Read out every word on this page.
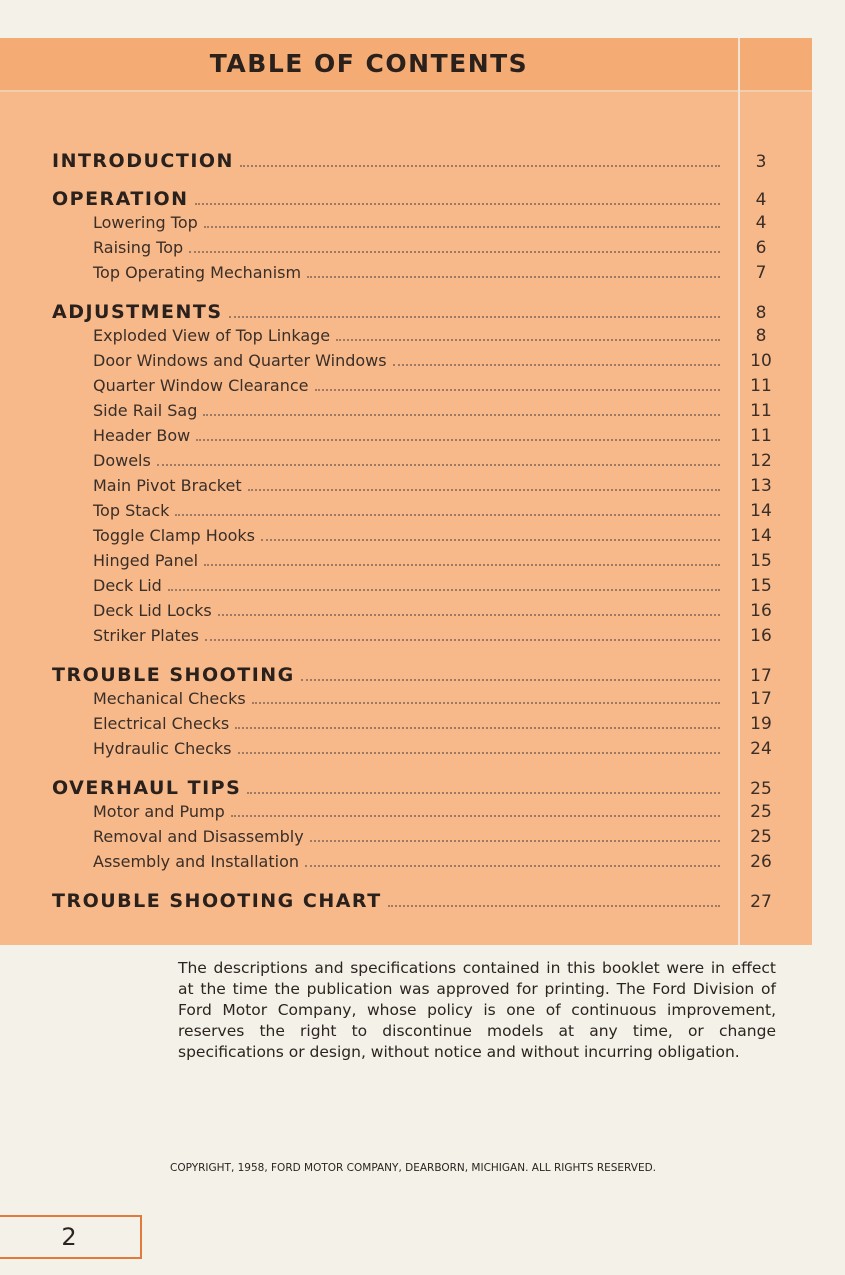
TABLE OF CONTENTS
INTRODUCTION	3
OPERATION	4
Lowering Top	4
Raising Top	6
Top Operating Mechanism	7
ADJUSTMENTS	8
Exploded View of Top Linkage	8
Door Windows and Quarter Windows	10
Quarter Window Clearance	11
Side Rail Sag	11
Header Bow	11
Dowels	12
Main Pivot Bracket	13
Top Stack	14
Toggle Clamp Hooks	14
Hinged Panel	15
Deck Lid	15
Deck Lid Locks	16
Striker Plates	16
TROUBLE SHOOTING	17
Mechanical Checks	17
Electrical Checks	19
Hydraulic Checks	24
OVERHAUL TIPS	25
Motor and Pump	25
Removal and Disassembly	25
Assembly and Installation	26
TROUBLE SHOOTING CHART	27

The descriptions and specifications contained in this booklet were in effect at the time the publication was approved for printing. The Ford Division of Ford Motor Company, whose policy is one of continuous improvement, reserves the right to discontinue models at any time, or change specifications or design, without notice and without incurring obligation.

COPYRIGHT, 1958, FORD MOTOR COMPANY, DEARBORN, MICHIGAN. ALL RIGHTS RESERVED.
2
